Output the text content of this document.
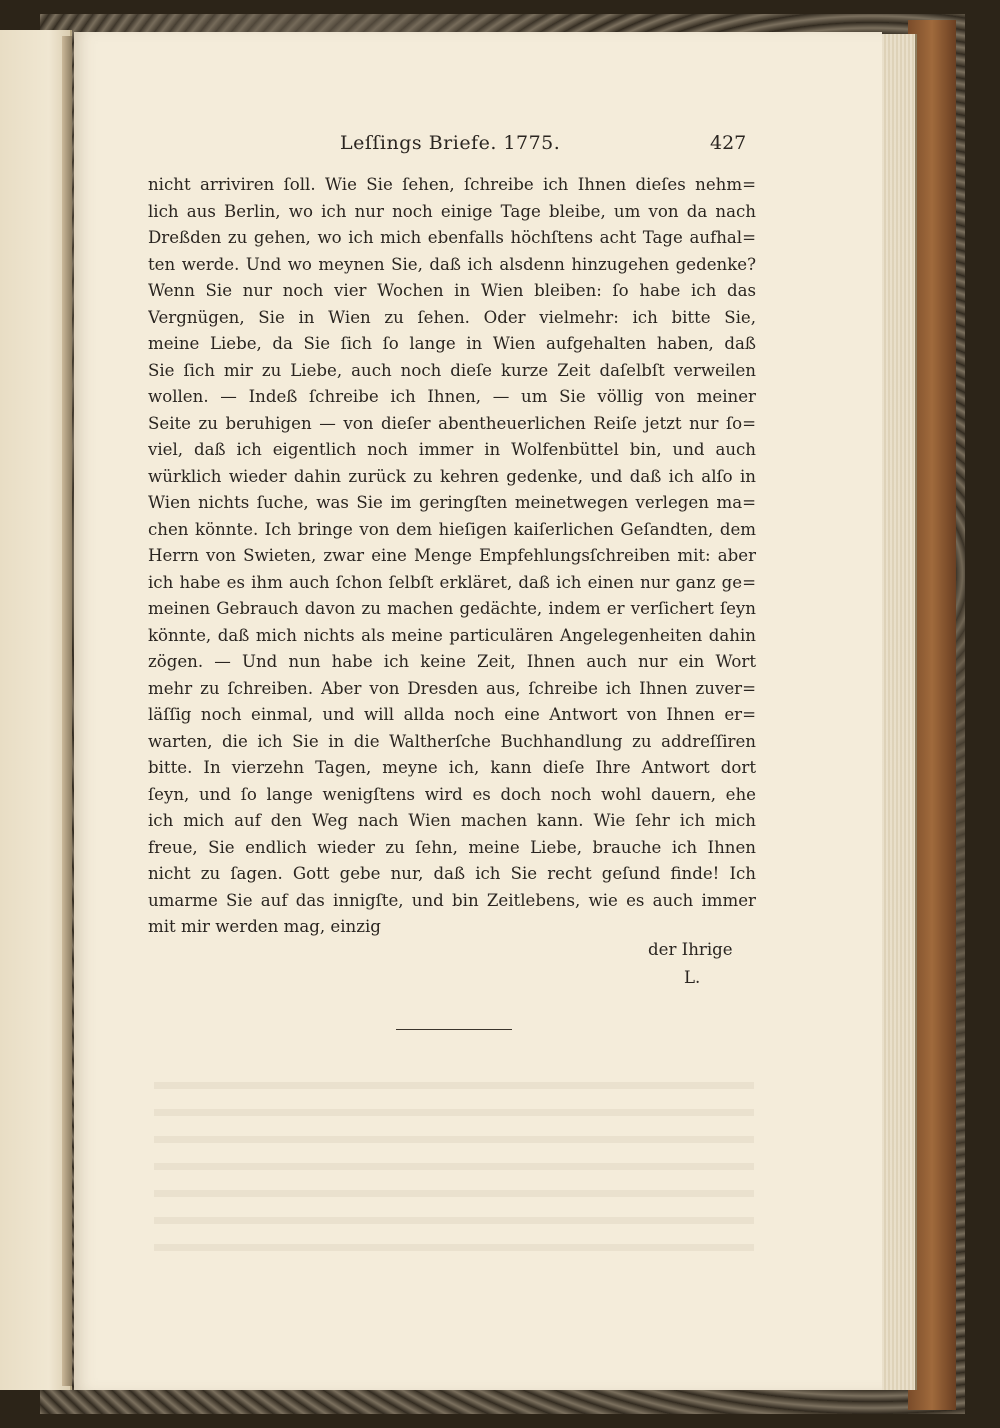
Leſſings Briefe. 1775.	427
nicht arriviren ſoll. Wie Sie ſehen, ſchreibe ich Ihnen dieſes nehm=
lich aus Berlin, wo ich nur noch einige Tage bleibe, um von da nach
Dreßden zu gehen, wo ich mich ebenfalls höchſtens acht Tage aufhal=
ten werde. Und wo meynen Sie, daß ich alsdenn hinzugehen gedenke?
Wenn Sie nur noch vier Wochen in Wien bleiben: ſo habe ich das
Vergnügen, Sie in Wien zu ſehen. Oder vielmehr: ich bitte Sie,
meine Liebe, da Sie ſich ſo lange in Wien aufgehalten haben, daß
Sie ſich mir zu Liebe, auch noch dieſe kurze Zeit daſelbſt verweilen
wollen. — Indeß ſchreibe ich Ihnen, — um Sie völlig von meiner
Seite zu beruhigen — von dieſer abentheuerlichen Reiſe jetzt nur ſo=
viel, daß ich eigentlich noch immer in Wolfenbüttel bin, und auch
würklich wieder dahin zurück zu kehren gedenke, und daß ich alſo in
Wien nichts ſuche, was Sie im geringſten meinetwegen verlegen ma=
chen könnte. Ich bringe von dem hieſigen kaiſerlichen Geſandten, dem
Herrn von Swieten, zwar eine Menge Empfehlungsſchreiben mit: aber
ich habe es ihm auch ſchon ſelbſt erkläret, daß ich einen nur ganz ge=
meinen Gebrauch davon zu machen gedächte, indem er verſichert ſeyn
könnte, daß mich nichts als meine particulären Angelegenheiten dahin
zögen. — Und nun habe ich keine Zeit, Ihnen auch nur ein Wort
mehr zu ſchreiben. Aber von Dresden aus, ſchreibe ich Ihnen zuver=
läſſig noch einmal, und will allda noch eine Antwort von Ihnen er=
warten, die ich Sie in die Waltherſche Buchhandlung zu addreſſiren
bitte. In vierzehn Tagen, meyne ich, kann dieſe Ihre Antwort dort
ſeyn, und ſo lange wenigſtens wird es doch noch wohl dauern, ehe
ich mich auf den Weg nach Wien machen kann. Wie ſehr ich mich
freue, Sie endlich wieder zu ſehn, meine Liebe, brauche ich Ihnen
nicht zu ſagen. Gott gebe nur, daß ich Sie recht geſund finde! Ich
umarme Sie auf das innigſte, und bin Zeitlebens, wie es auch immer
mit mir werden mag, einzig
der Ihrige
L.
